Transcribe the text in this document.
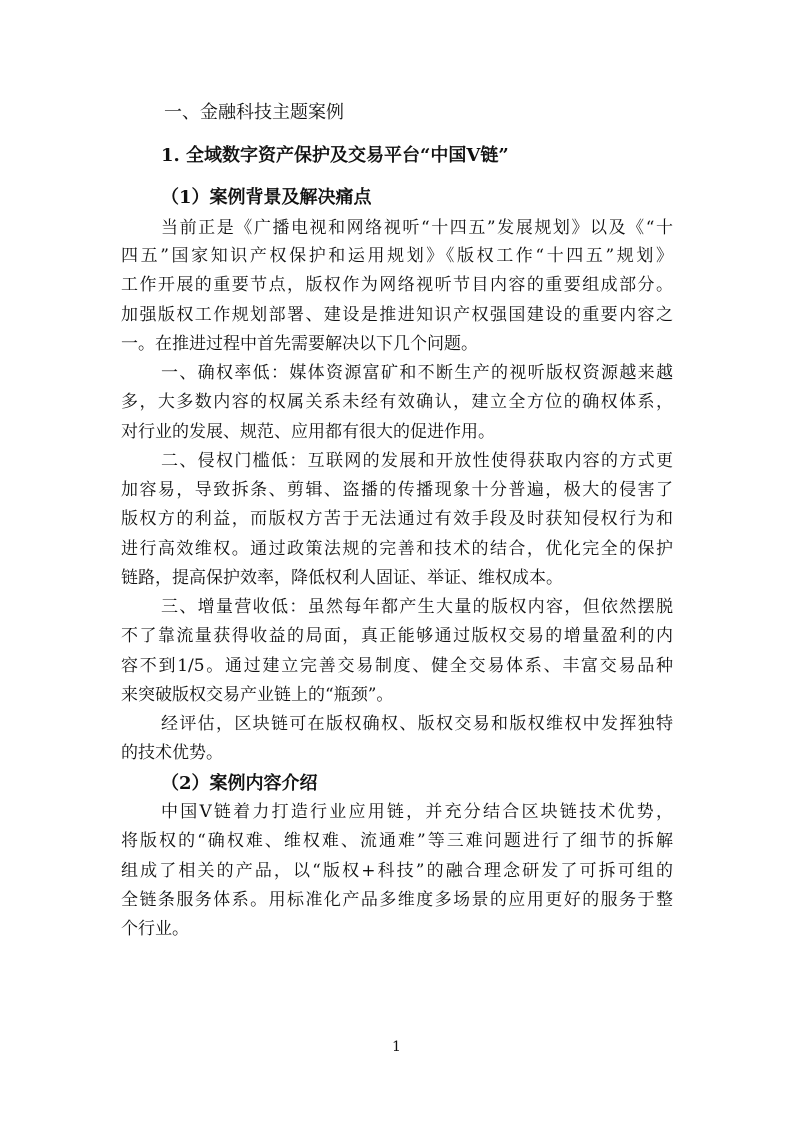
一、金融科技主题案例
1. 全域数字资产保护及交易平台“中国V链”
（1）案例背景及解决痛点
当前正是《广播电视和网络视听“十四五”发展规划》以及《“十
四五”国家知识产权保护和运用规划》《版权工作“十四五”规划》
工作开展的重要节点，版权作为网络视听节目内容的重要组成部分。
加强版权工作规划部署、建设是推进知识产权强国建设的重要内容之
一。在推进过程中首先需要解决以下几个问题。
一、确权率低：媒体资源富矿和不断生产的视听版权资源越来越
多，大多数内容的权属关系未经有效确认，建立全方位的确权体系，
对行业的发展、规范、应用都有很大的促进作用。
二、侵权门槛低：互联网的发展和开放性使得获取内容的方式更
加容易，导致拆条、剪辑、盗播的传播现象十分普遍，极大的侵害了
版权方的利益，而版权方苦于无法通过有效手段及时获知侵权行为和
进行高效维权。通过政策法规的完善和技术的结合，优化完全的保护
链路，提高保护效率，降低权利人固证、举证、维权成本。
三、增量营收低：虽然每年都产生大量的版权内容，但依然摆脱
不了靠流量获得收益的局面，真正能够通过版权交易的增量盈利的内
容不到1/5。通过建立完善交易制度、健全交易体系、丰富交易品种
来突破版权交易产业链上的“瓶颈”。
经评估，区块链可在版权确权、版权交易和版权维权中发挥独特
的技术优势。
（2）案例内容介绍
中国V链着力打造行业应用链，并充分结合区块链技术优势，
将版权的“确权难、维权难、流通难”等三难问题进行了细节的拆解
组成了相关的产品，以“版权+科技”的融合理念研发了可拆可组的
全链条服务体系。用标准化产品多维度多场景的应用更好的服务于整
个行业。
1
